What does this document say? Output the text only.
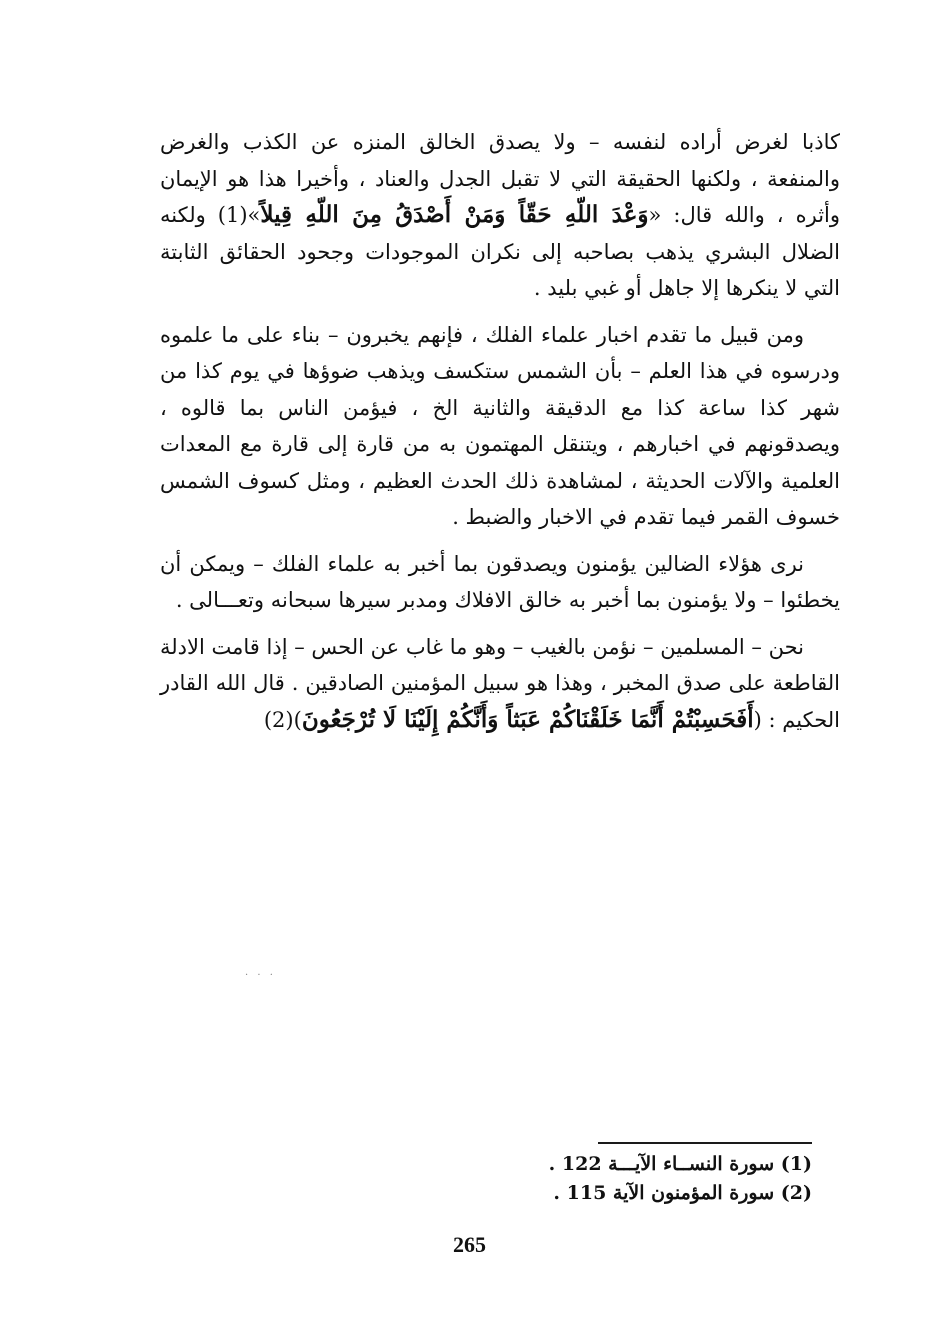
كاذبا لغرض أراده لنفسه – ولا يصدق الخالق المنزه عن الكذب والغرض والمنفعة ، ولكنها الحقيقة التي لا تقبل الجدل والعناد ، وأخيرا هذا هو الإيمان وأثره ، والله قال: «وَعْدَ اللّهِ حَقّاً وَمَنْ أَصْدَقُ مِنَ اللّهِ قِيلاً»(1) ولكنه الضلال البشري يذهب بصاحبه إلى نكران الموجودات وجحود الحقائق الثابتة التي لا ينكرها إلا جاهل أو غبي بليد .

ومن قبيل ما تقدم اخبار علماء الفلك ، فإنهم يخبرون – بناء على ما علموه ودرسوه في هذا العلم – بأن الشمس ستكسف ويذهب ضوؤها في يوم كذا من شهر كذا ساعة كذا مع الدقيقة والثانية الخ ، فيؤمن الناس بما قالوه ، ويصدقونهم في اخبارهم ، ويتنقل المهتمون به من قارة إلى قارة مع المعدات العلمية والآلات الحديثة ، لمشاهدة ذلك الحدث العظيم ، ومثل كسوف الشمس خسوف القمر فيما تقدم في الاخبار والضبط .

نرى هؤلاء الضالين يؤمنون ويصدقون بما أخبر به علماء الفلك – ويمكن أن يخطئوا – ولا يؤمنون بما أخبر به خالق الافلاك ومدبر سيرها سبحانه وتعـــالى .

نحن – المسلمين – نؤمن بالغيب – وهو ما غاب عن الحس – إذا قامت الادلة القاطعة على صدق المخبر ، وهذا هو سبيل المؤمنين الصادقين . قال الله القادر الحكيم : (أَفَحَسِبْتُمْ أَنَّمَا خَلَقْنَاكُمْ عَبَثاً وَأَنَّكُمْ إِلَيْنَا لَا تُرْجَعُونَ)(2)

· · ·
(1) سورة النســاء الآيـــة 122 .
(2) سورة المؤمنون الآية 115 .
265
